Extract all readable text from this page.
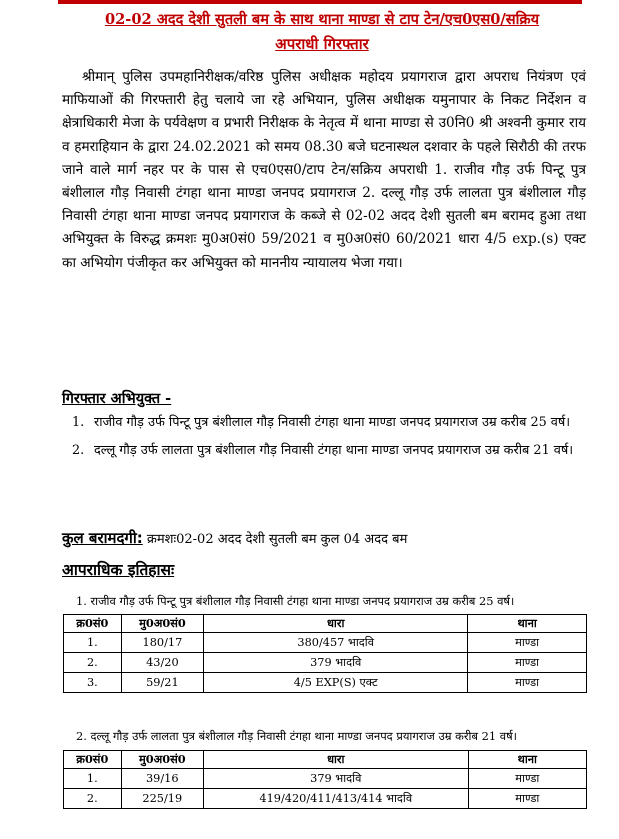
02-02 अदद देशी सुतली बम के साथ थाना माण्डा से टाप टेन/एच0एस0/सक्रिय
अपराधी गिरफ्तार
श्रीमान् पुलिस उपमहानिरीक्षक/वरिष्ठ पुलिस अधीक्षक महोदय प्रयागराज द्वारा अपराध नियंत्रण एवं माफियाओं की गिरफ्तारी हेतु चलाये जा रहे अभियान, पुलिस अधीक्षक यमुनापार के निकट निर्देशन व क्षेत्राधिकारी मेजा के पर्यवेक्षण व प्रभारी निरीक्षक के नेतृत्व में थाना माण्डा से उ0नि0 श्री अश्वनी कुमार राय व हमराहियान के द्वारा 24.02.2021 को समय 08.30 बजे घटनास्थल दशवार के पहले सिरौठी की तरफ जाने वाले मार्ग नहर पर के पास से एच0एस0/टाप टेन/सक्रिय अपराधी 1. राजीव गौड़ उर्फ पिन्टू पुत्र बंशीलाल गौड़ निवासी टंगहा थाना माण्डा जनपद प्रयागराज 2. दल्लू गौड़ उर्फ लालता पुत्र बंशीलाल गौड़ निवासी टंगहा थाना माण्डा जनपद प्रयागराज के कब्जे से 02-02 अदद देशी सुतली बम बरामद हुआ तथा अभियुक्त के विरुद्ध क्रमशः मु0अ0सं0 59/2021 व मु0अ0सं0 60/2021 धारा 4/5 exp.(s) एक्ट का अभियोग पंजीकृत कर अभियुक्त को माननीय न्यायालय भेजा गया।
गिरफ्तार अभियुक्त -
1. राजीव गौड़ उर्फ पिन्टू पुत्र बंशीलाल गौड़ निवासी टंगहा थाना माण्डा जनपद प्रयागराज उम्र करीब 25 वर्ष।
2. दल्लू गौड़ उर्फ लालता पुत्र बंशीलाल गौड़ निवासी टंगहा थाना माण्डा जनपद प्रयागराज उम्र करीब 21 वर्ष।
कुल बरामदगी: क्रमशः02-02 अदद देशी सुतली बम कुल 04 अदद बम
आपराधिक इतिहासः
1. राजीव गौड़ उर्फ पिन्टू पुत्र बंशीलाल गौड़ निवासी टंगहा थाना माण्डा जनपद प्रयागराज उम्र करीब 25 वर्ष।
क्र0सं0	मु0अ0सं0	धारा	थाना
1.	180/17	380/457 भादवि	माण्डा
2.	43/20	379 भादवि	माण्डा
3.	59/21	4/5 EXP(S) एक्ट	माण्डा
2. दल्लू गौड़ उर्फ लालता पुत्र बंशीलाल गौड़ निवासी टंगहा थाना माण्डा जनपद प्रयागराज उम्र करीब 21 वर्ष।
क्र0सं0	मु0अ0सं0	धारा	थाना
1.	39/16	379 भादवि	माण्डा
2.	225/19	419/420/411/413/414 भादवि	माण्डा
